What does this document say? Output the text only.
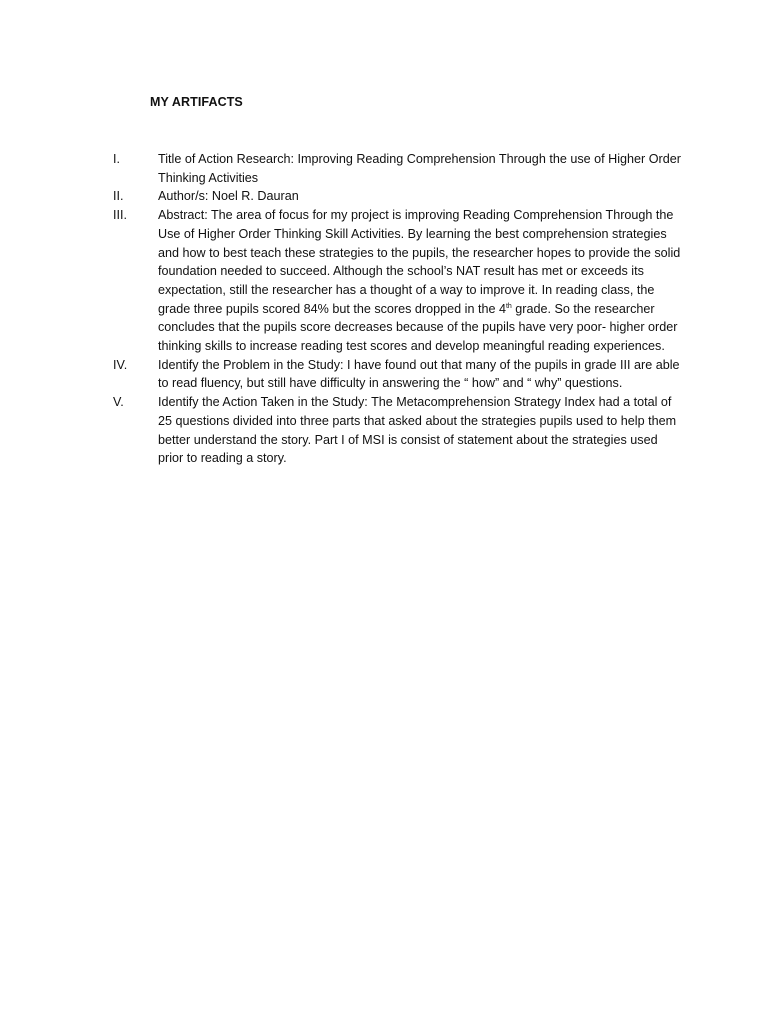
MY ARTIFACTS
I.	Title of Action Research: Improving Reading Comprehension Through the use of Higher Order Thinking Activities
II.	Author/s: Noel R. Dauran
III.	Abstract: The area of focus for my project is improving Reading Comprehension Through the Use of Higher Order Thinking Skill Activities. By learning the best comprehension strategies and how to best teach these strategies to the pupils, the researcher hopes to provide the solid foundation needed to succeed. Although the school’s NAT result has met or exceeds its expectation, still the researcher has a thought of a way to improve it. In reading class, the grade three pupils scored 84% but the scores dropped in the 4th grade. So the researcher concludes that the pupils score decreases because of the pupils have very poor- higher order thinking skills to increase reading test scores and develop meaningful reading experiences.
IV.	Identify the Problem in the Study: I have found out that many of the pupils in grade III are able to read fluency, but still have difficulty in answering the “ how” and “ why” questions.
V.	Identify the Action Taken in the Study: The Metacomprehension Strategy Index had a total of 25 questions divided into three parts that asked about the strategies pupils used to help them better understand the story. Part I of MSI is consist of statement about the strategies used prior to reading a story.
